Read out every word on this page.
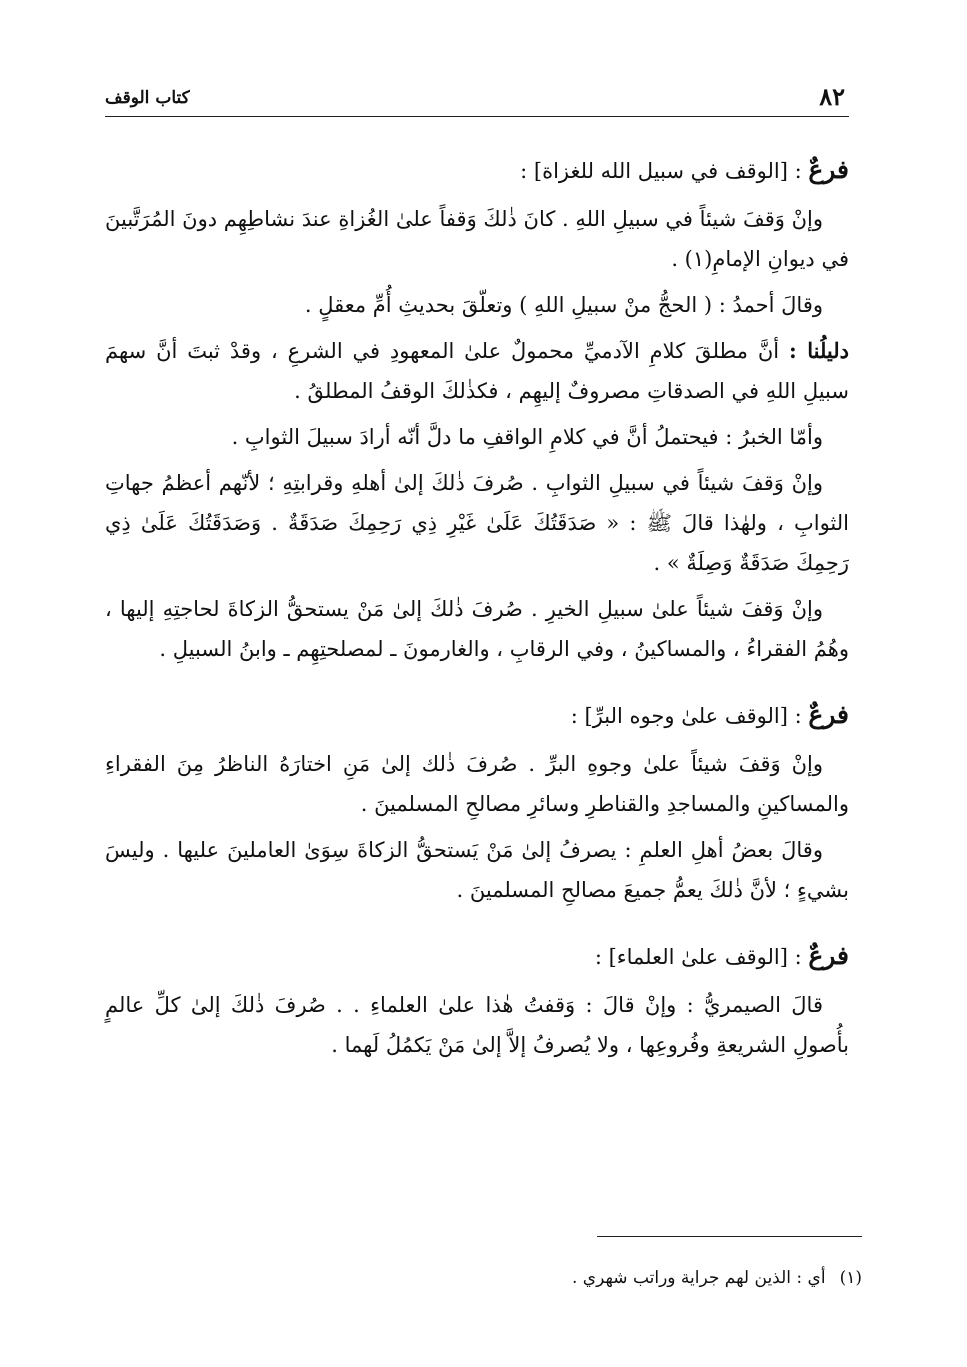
٨٢
كتاب الوقف

فرعٌ : [الوقف في سبيل الله للغزاة] :

وإنْ وَقفَ شيئاً في سبيلِ اللهِ . كانَ ذٰلكَ وَقفاً علىٰ الغُزاةِ عندَ نشاطِهِم دونَ المُرَتَّبينَ في ديوانِ الإمامِ(١) .

وقالَ أحمدُ : ( الحجُّ منْ سبيلِ اللهِ ) وتعلّقَ بحديثِ أُمِّ معقلٍ .

دليلُنا : أنَّ مطلقَ كلامِ الآدميِّ محمولٌ علىٰ المعهودِ في الشرعِ ، وقدْ ثبتَ أنَّ سهمَ سبيلِ اللهِ في الصدقاتِ مصروفٌ إليهِم ، فكذٰلكَ الوقفُ المطلقُ .

وأمّا الخبرُ : فيحتملُ أنَّ في كلامِ الواقفِ ما دلَّ أنّه أرادَ سبيلَ الثوابِ .

وإنْ وَقفَ شيئاً في سبيلِ الثوابِ . صُرفَ ذٰلكَ إلىٰ أهلهِ وقرابتِهِ ؛ لأنّهم أعظمُ جهاتِ الثوابِ ، ولهٰذا قالَ ﷺ : « صَدَقَتُكَ عَلَىٰ غَيْرِ ذِي رَحِمِكَ صَدَقَةٌ . وَصَدَقَتُكَ عَلَىٰ ذِي رَحِمِكَ صَدَقَةٌ وَصِلَةٌ » .

وإنْ وَقفَ شيئاً علىٰ سبيلِ الخيرِ . صُرفَ ذٰلكَ إلىٰ مَنْ يستحقُّ الزكاةَ لحاجتِهِ إليها ، وهُمُ الفقراءُ ، والمساكينُ ، وفي الرقابِ ، والغارمونَ ـ لمصلحتِهِم ـ وابنُ السبيلِ .

فرعٌ : [الوقف علىٰ وجوه البرِّ] :

وإنْ وَقفَ شيئاً علىٰ وجوهِ البرِّ . صُرفَ ذٰلك إلىٰ مَنِ اختارَهُ الناظرُ مِنَ الفقراءِ والمساكينِ والمساجدِ والقناطرِ وسائرِ مصالحِ المسلمينَ .

وقالَ بعضُ أهلِ العلمِ : يصرفُ إلىٰ مَنْ يَستحقُّ الزكاةَ سِوَىٰ العاملينَ عليها . وليسَ بشيءٍ ؛ لأنَّ ذٰلكَ يعمُّ جميعَ مصالحِ المسلمينَ .

فرعٌ : [الوقف علىٰ العلماء] :

قالَ الصيمريُّ : وإنْ قالَ : وَقفتُ هٰذا علىٰ العلماءِ . . صُرفَ ذٰلكَ إلىٰ كلِّ عالمٍ بأُصولِ الشريعةِ وفُروعِها ، ولا يُصرفُ إلاَّ إلىٰ مَنْ يَكمُلُ لَهما .

(١)أي : الذين لهم جراية وراتب شهري .
